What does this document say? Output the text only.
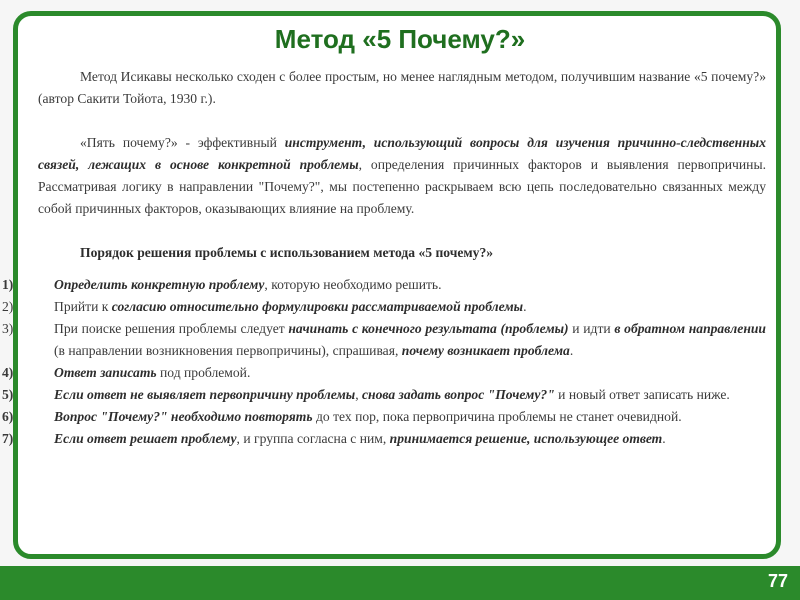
Метод «5 Почему?»

Метод Исикавы несколько сходен с более простым, но менее наглядным методом, получившим название «5 почему?» (автор Сакити Тойота, 1930 г.).

«Пять почему?» - эффективный инструмент, использующий вопросы для изучения причинно-следственных связей, лежащих в основе конкретной проблемы, определения причинных факторов и выявления первопричины. Рассматривая логику в направлении "Почему?", мы постепенно раскрываем всю цепь последовательно связанных между собой причинных факторов, оказывающих влияние на проблему.

Порядок решения проблемы с использованием метода «5 почему?»

1)	Определить конкретную проблему, которую необходимо решить.
2)	Прийти к согласию относительно формулировки рассматриваемой проблемы.
3)	При поиске решения проблемы следует начинать с конечного результата (проблемы) и идти в обратном направлении (в направлении возникновения первопричины), спрашивая, почему возникает проблема.
4)	Ответ записать под проблемой.
5)	Если ответ не выявляет первопричину проблемы, снова задать вопрос "Почему?" и новый ответ записать ниже.
6)	Вопрос "Почему?" необходимо повторять до тех пор, пока первопричина проблемы не станет очевидной.
7)	Если ответ решает проблему, и группа согласна с ним, принимается решение, использующее ответ.
77
